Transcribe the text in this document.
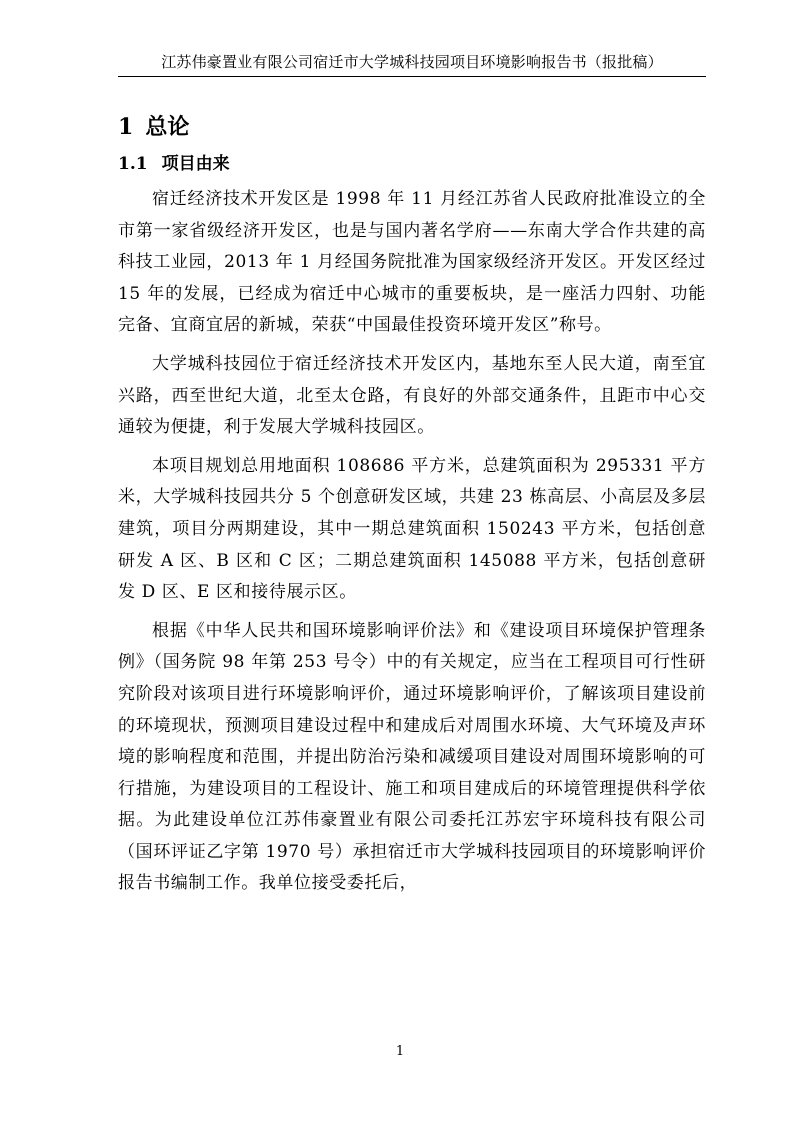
江苏伟豪置业有限公司宿迁市大学城科技园项目环境影响报告书（报批稿）
1 总论
1.1 项目由来

宿迁经济技术开发区是 1998 年 11 月经江苏省人民政府批准设立的全市第一家省级经济开发区，也是与国内著名学府——东南大学合作共建的高科技工业园，2013 年 1 月经国务院批准为国家级经济开发区。开发区经过 15 年的发展，已经成为宿迁中心城市的重要板块，是一座活力四射、功能完备、宜商宜居的新城，荣获“中国最佳投资环境开发区”称号。

大学城科技园位于宿迁经济技术开发区内，基地东至人民大道，南至宜兴路，西至世纪大道，北至太仓路，有良好的外部交通条件，且距市中心交通较为便捷，利于发展大学城科技园区。

本项目规划总用地面积 108686 平方米，总建筑面积为 295331 平方米，大学城科技园共分 5 个创意研发区域，共建 23 栋高层、小高层及多层建筑，项目分两期建设，其中一期总建筑面积 150243 平方米，包括创意研发 A 区、B 区和 C 区；二期总建筑面积 145088 平方米，包括创意研发 D 区、E 区和接待展示区。

根据《中华人民共和国环境影响评价法》和《建设项目环境保护管理条例》（国务院 98 年第 253 号令）中的有关规定，应当在工程项目可行性研究阶段对该项目进行环境影响评价，通过环境影响评价，了解该项目建设前的环境现状，预测项目建设过程中和建成后对周围水环境、大气环境及声环境的影响程度和范围，并提出防治污染和减缓项目建设对周围环境影响的可行措施，为建设项目的工程设计、施工和项目建成后的环境管理提供科学依据。为此建设单位江苏伟豪置业有限公司委托江苏宏宇环境科技有限公司（国环评证乙字第 1970 号）承担宿迁市大学城科技园项目的环境影响评价报告书编制工作。我单位接受委托后，

1
